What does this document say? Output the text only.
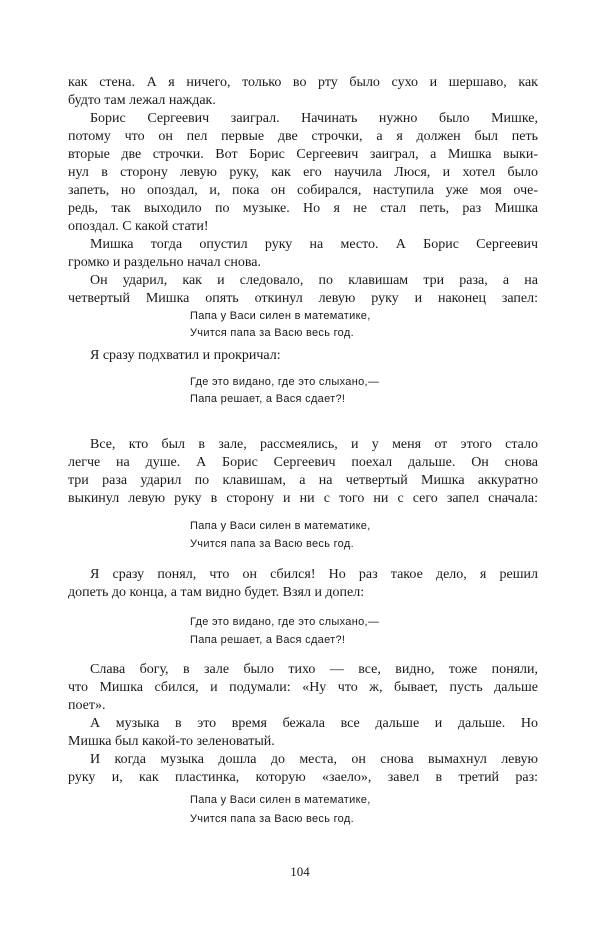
как стена. А я ничего, только во рту было сухо и шершаво, как
будто там лежал наждак.
Борис Сергеевич заиграл. Начинать нужно было Мишке,
потому что он пел первые две строчки, а я должен был петь
вторые две строчки. Вот Борис Сергеевич заиграл, а Мишка выки-
нул в сторону левую руку, как его научила Люся, и хотел было
запеть, но опоздал, и, пока он собирался, наступила уже моя оче-
редь, так выходило по музыке. Но я не стал петь, раз Мишка
опоздал. С какой стати!
Мишка тогда опустил руку на место. А Борис Сергеевич
громко и раздельно начал снова.
Он ударил, как и следовало, по клавишам три раза, а на
четвертый Мишка опять откинул левую руку и наконец запел:
Папа у Васи силен в математике,
Учится папа за Васю весь год.
Я сразу подхватил и прокричал:
Где это видано, где это слыхано,—
Папа решает, а Вася сдает?!
Все, кто был в зале, рассмеялись, и у меня от этого стало
легче на душе. А Борис Сергеевич поехал дальше. Он снова
три раза ударил по клавишам, а на четвертый Мишка аккуратно
выкинул левую руку в сторону и ни с того ни с сего запел сначала:
Папа у Васи силен в математике,
Учится папа за Васю весь год.
Я сразу понял, что он сбился! Но раз такое дело, я решил
допеть до конца, а там видно будет. Взял и допел:
Где это видано, где это слыхано,—
Папа решает, а Вася сдает?!
Слава богу, в зале было тихо — все, видно, тоже поняли,
что Мишка сбился, и подумали: «Ну что ж, бывает, пусть дальше
поет».
А музыка в это время бежала все дальше и дальше. Но
Мишка был какой-то зеленоватый.
И когда музыка дошла до места, он снова вымахнул левую
руку и, как пластинка, которую «заело», завел в третий раз:
Папа у Васи силен в математике,
Учится папа за Васю весь год.
104
